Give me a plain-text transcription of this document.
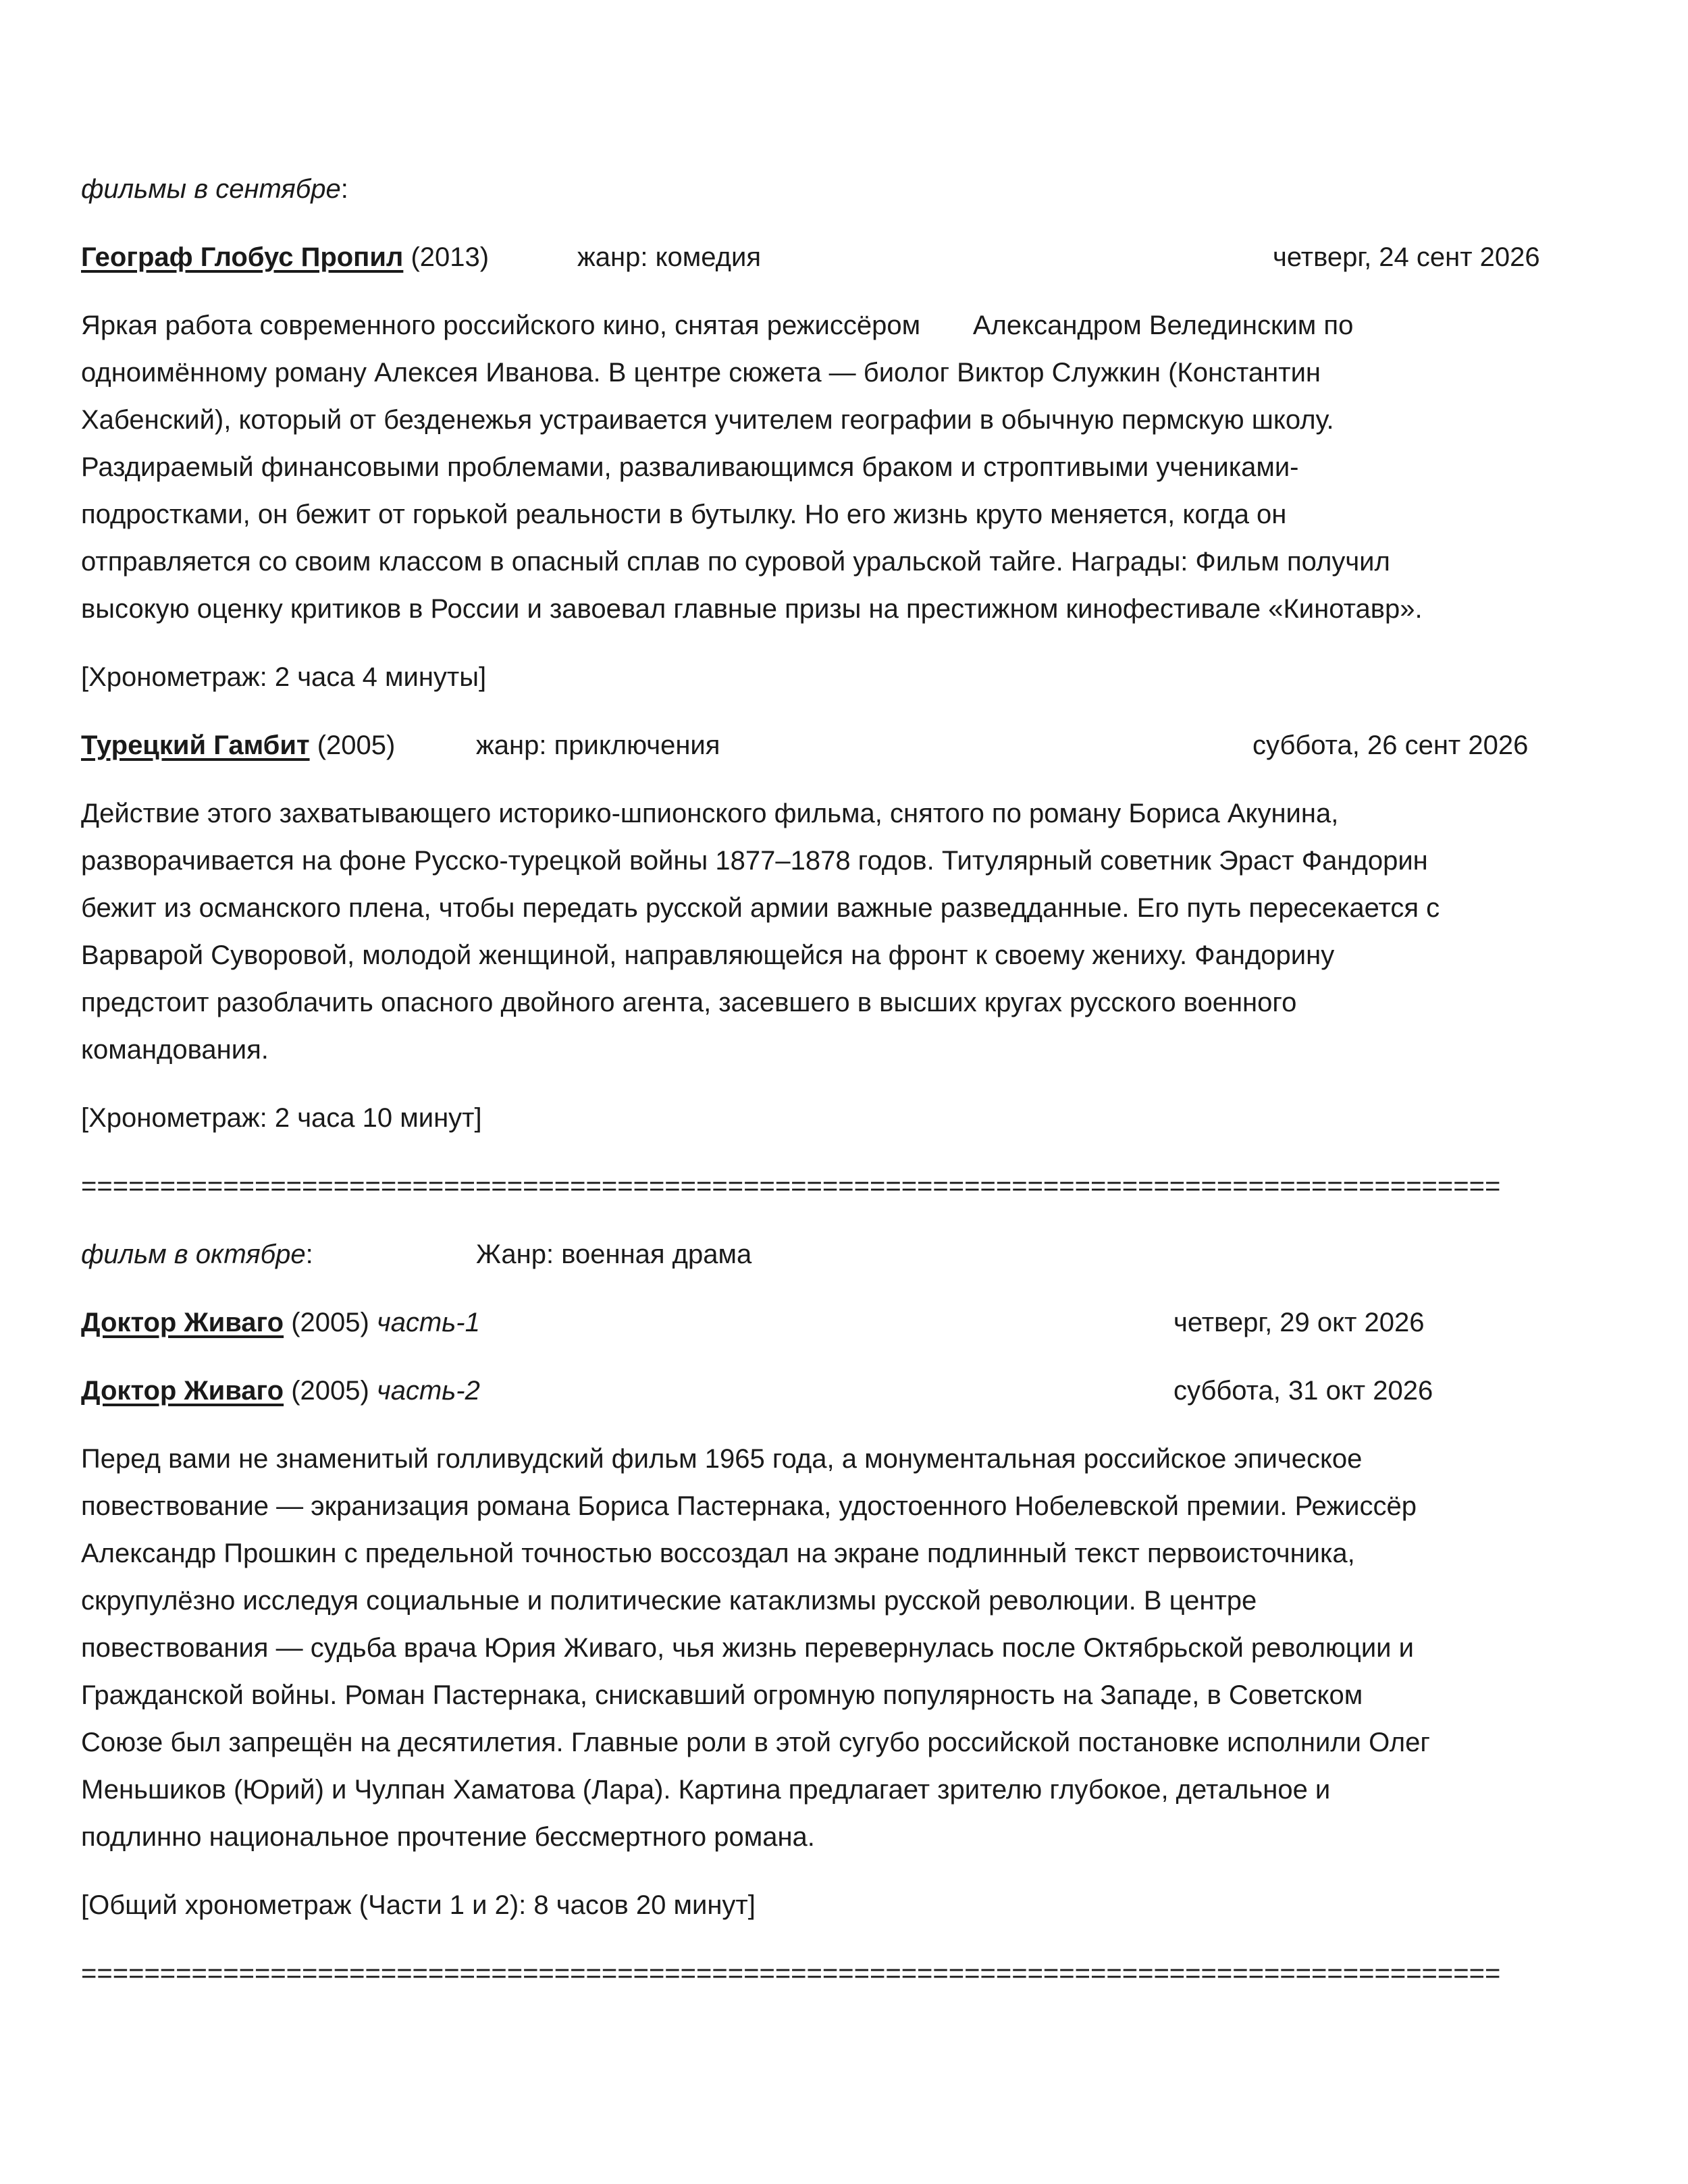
фильмы в сентябре:
Географ Глобус Пропил (2013)	жанр: комедия	четверг, 24 сент 2026
Яркая работа современного российского кино, снятая режиссёром       Александром Велединским по
одноимённому роману Алексея Иванова. В центре сюжета — биолог Виктор Служкин (Константин
Хабенский), который от безденежья устраивается учителем географии в обычную пермскую школу.
Раздираемый финансовыми проблемами, разваливающимся браком и строптивыми учениками-
подростками, он бежит от горькой реальности в бутылку. Но его жизнь круто меняется, когда он
отправляется со своим классом в опасный сплав по суровой уральской тайге. Награды: Фильм получил
высокую оценку критиков в России и завоевал главные призы на престижном кинофестивале «Кинотавр».
[Хронометраж: 2 часа 4 минуты]
Турецкий Гамбит (2005)	жанр: приключения	суббота, 26 сент 2026
Действие этого захватывающего историко-шпионского фильма, снятого по роману Бориса Акунина,
разворачивается на фоне Русско-турецкой войны 1877–1878 годов. Титулярный советник Эраст Фандорин
бежит из османского плена, чтобы передать русской армии важные разведданные. Его путь пересекается с
Варварой Суворовой, молодой женщиной, направляющейся на фронт к своему жениху. Фандорину
предстоит разоблачить опасного двойного агента, засевшего в высших кругах русского военного
командования.
[Хронометраж: 2 часа 10 минут]
==========================================================================================
фильм в октябре:	Жанр: военная драма
Доктор Живаго (2005) часть-1	четверг, 29 окт 2026
Доктор Живаго (2005) часть-2	суббота, 31 окт 2026
Перед вами не знаменитый голливудский фильм 1965 года, а монументальная российское эпическое
повествование — экранизация романа Бориса Пастернака, удостоенного Нобелевской премии. Режиссёр
Александр Прошкин с предельной точностью воссоздал на экране подлинный текст первоисточника,
скрупулёзно исследуя социальные и политические катаклизмы русской революции. В центре
повествования — судьба врача Юрия Живаго, чья жизнь перевернулась после Октябрьской революции и
Гражданской войны. Роман Пастернака, снискавший огромную популярность на Западе, в Советском
Союзе был запрещён на десятилетия. Главные роли в этой сугубо российской постановке исполнили Олег
Меньшиков (Юрий) и Чулпан Хаматова (Лара). Картина предлагает зрителю глубокое, детальное и
подлинно национальное прочтение бессмертного романа.
[Общий хронометраж (Части 1 и 2): 8 часов 20 минут]
==========================================================================================
